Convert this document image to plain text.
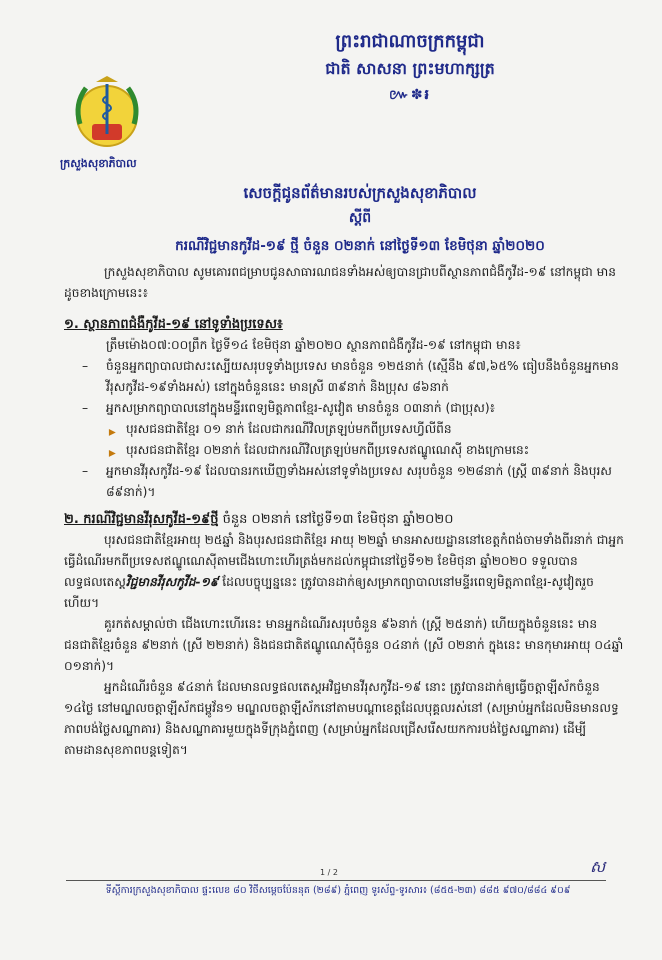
ក្រសួងសុខាភិបាល
ព្រះរាជាណាចក្រកម្ពុជា
ជាតិ សាសនា ព្រះមហាក្សត្រ
៚✽៛
សេចក្តីជូនព័ត៌មានរបស់ក្រសួងសុខាភិបាល
ស្តីពី
ករណីវិជ្ជមានកូវីដ-១៩ ថ្មី ចំនួន ០២នាក់ នៅថ្ងៃទី១៣ ខែមិថុនា ឆ្នាំ២០២០

ក្រសួងសុខាភិបាល សូមគោរពជម្រាបជូនសាធារណជនទាំងអស់ឲ្យបានជ្រាបពីស្ថានភាពជំងឺកូវីដ-១៩ នៅកម្ពុជា មានដូចខាងក្រោមនេះ៖

១. ស្ថានភាពជំងឺកូវីដ-១៩ នៅទូទាំងប្រទេស៖

ត្រឹមម៉ោង០៧:០០ព្រឹក ថ្ងៃទី១៤ ខែមិថុនា ឆ្នាំ២០២០ ស្ថានភាពជំងឺកូវីដ-១៩ នៅកម្ពុជា មាន៖

– ចំនួនអ្នកព្យាបាលជាសះស្បើយសរុបទូទាំងប្រទេស មានចំនួន ១២៥នាក់ (ស្មើនឹង ៩៧,៦៥% ធៀបនឹងចំនួនអ្នកមានវីរុសកូវីដ-១៩ទាំងអស់) នៅក្នុងចំនួននេះ មានស្រី ៣៩នាក់ និងប្រុស ៨៦នាក់

– អ្នកសម្រាកព្យាបាលនៅក្នុងមន្ទីរពេទ្យមិត្តភាពខ្មែរ-សូវៀត មានចំនួន ០៣នាក់ (ជាប្រុស)៖

▲ បុរសជនជាតិខ្មែរ ០១ នាក់ ដែលជាករណីវិលត្រឡប់មកពីប្រទេសហ្វីលីពីន

▲ បុរសជនជាតិខ្មែរ ០២នាក់ ដែលជាករណីវិលត្រឡប់មកពីប្រទេសឥណ្ឌូណេស៊ី ខាងក្រោមនេះ

– អ្នកមានវីរុសកូវីដ-១៩ ដែលបានរកឃើញទាំងអស់នៅទូទាំងប្រទេស សរុបចំនួន ១២៨នាក់ (ស្ត្រី ៣៩នាក់ និងបុរស ៨៩នាក់)។

២. ករណីវិជ្ជមានវីរុសកូវីដ-១៩ថ្មី ចំនួន ០២នាក់ នៅថ្ងៃទី១៣ ខែមិថុនា ឆ្នាំ២០២០

បុរសជនជាតិខ្មែរអាយុ ២៥ឆ្នាំ និងបុរសជនជាតិខ្មែរ អាយុ ២២ឆ្នាំ មានអាសយដ្ឋាននៅខេត្តកំពង់ចាមទាំងពីរនាក់ ជាអ្នកធ្វើដំណើរមកពីប្រទេសឥណ្ឌូណេស៊ីតាមជើងហោះហើរត្រង់មកដល់កម្ពុជានៅថ្ងៃទី១២ ខែមិថុនា ឆ្នាំ២០២០ ទទួលបានលទ្ធផលតេស្តវិជ្ជមានវីរុសកូវីដ-១៩ ដែលបច្ចុប្បន្ននេះ ត្រូវបានដាក់ឲ្យសម្រាកព្យាបាលនៅមន្ទីរពេទ្យមិត្តភាពខ្មែរ-សូវៀតរួចហើយ។

គួរកត់សម្គាល់ថា ជើងហោះហើរនេះ មានអ្នកដំណើរសរុបចំនួន ៩៦នាក់ (ស្ត្រី ២៥នាក់) ហើយក្នុងចំនួននេះ មានជនជាតិខ្មែរចំនួន ៩២នាក់ (ស្រី ២២នាក់) និងជនជាតិឥណ្ឌូណេស៊ីចំនួន ០៤នាក់ (ស្រី ០២នាក់ ក្នុងនេះ មានកុមារអាយុ ០៤ឆ្នាំ ០១នាក់)។

អ្នកដំណើរចំនួន ៩៤នាក់ ដែលមានលទ្ធផលតេស្តអវិជ្ជមានវីរុសកូវីដ-១៩ នោះ ត្រូវបានដាក់ឲ្យធ្វើចត្តាឡីស័កចំនួន ១៤ថ្ងៃ នៅមណ្ឌលចត្តាឡីស័កជម្ពូវ័ន១ មណ្ឌលចត្តាឡីស័កនៅតាមបណ្តាខេត្តដែលបុគ្គលរស់នៅ (សម្រាប់អ្នកដែលមិនមានលទ្ធភាពបង់ថ្លៃសណ្ឋាគារ) និងសណ្ឋាគារមួយក្នុងទីក្រុងភ្នំពេញ (សម្រាប់អ្នកដែលជ្រើសរើសយកការបង់ថ្លៃសណ្ឋាគារ) ដើម្បីតាមដានសុខភាពបន្តទៀត។

1 / 2	ស
ទីស្តីការក្រសួងសុខាភិបាល ផ្ទះលេខ ៨០ វិថីសម្តេចប៉ែននុត (២៨៩) ភ្នំពេញ ទូរស័ព្ទ-ទូរសារ៖ (៨៥៥-២៣) ៨៨៥ ៩៧០/៨៨៤ ៩០៩
